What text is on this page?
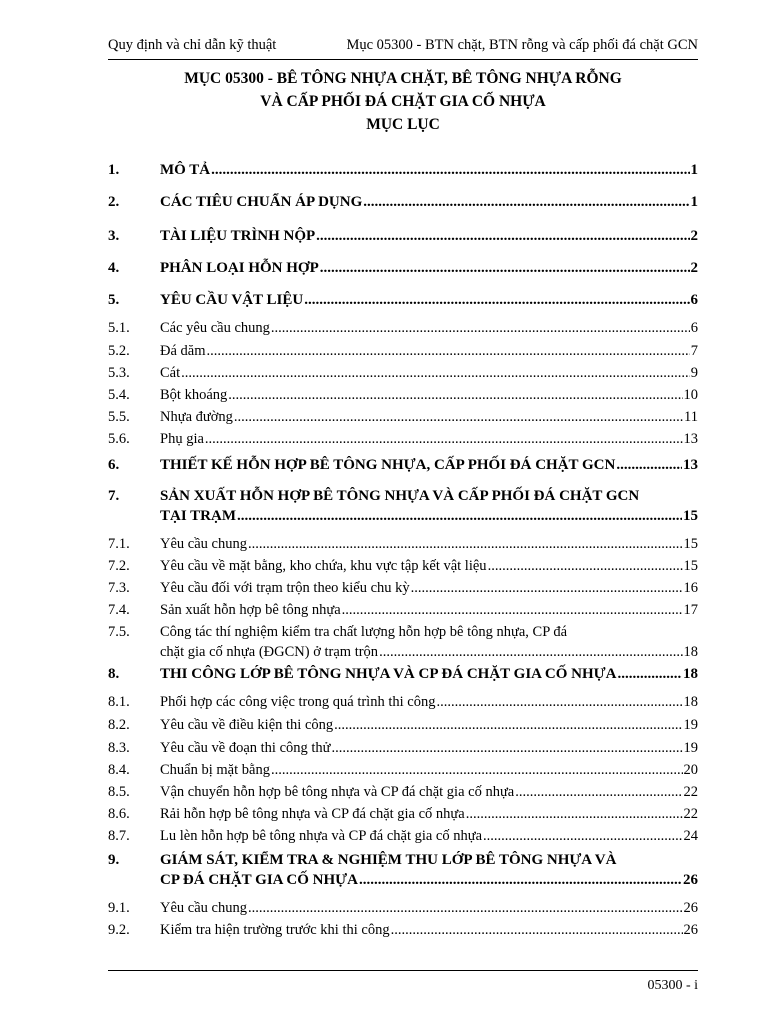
Quy định và chỉ dẫn kỹ thuật	Mục 05300 - BTN chặt, BTN rỗng và cấp phối đá chặt GCN
MỤC 05300 - BÊ TÔNG NHỰA CHẶT, BÊ TÔNG NHỰA RỖNG
VÀ CẤP PHỐI ĐÁ CHẶT GIA CỐ NHỰA
MỤC LỤC
1.	MÔ TẢ .....	1
2.	CÁC TIÊU CHUẨN ÁP DỤNG .....	1
3.	TÀI LIỆU TRÌNH NỘP .....	2
4.	PHÂN LOẠI HỖN HỢP .....	2
5.	YÊU CẦU VẬT LIỆU .....	6
5.1. Các yêu cầu chung .....	6
5.2. Đá dăm .....	7
5.3. Cát .....	9
5.4. Bột khoáng .....	10
5.5. Nhựa đường .....	11
5.6. Phụ gia .....	13
6.	THIẾT KẾ HỖN HỢP BÊ TÔNG NHỰA, CẤP PHỐI ĐÁ CHẶT GCN .....	13
7.	SẢN XUẤT HỖN HỢP BÊ TÔNG NHỰA VÀ CẤP PHỐI ĐÁ CHẶT GCN
TẠI TRẠM .....	15
7.1. Yêu cầu chung .....	15
7.2. Yêu cầu về mặt bằng, kho chứa, khu vực tập kết vật liệu .....	15
7.3. Yêu cầu đối với trạm trộn theo kiểu chu kỳ .....	16
7.4. Sản xuất hỗn hợp bê tông nhựa .....	17
7.5. Công tác thí nghiệm kiểm tra chất lượng hỗn hợp bê tông nhựa, CP đá
chặt gia cố nhựa (ĐGCN) ở trạm trộn .....	18
8.	THI CÔNG LỚP BÊ TÔNG NHỰA VÀ CP ĐÁ CHẶT GIA CỐ NHỰA .....	18
8.1. Phối hợp các công việc trong quá trình thi công .....	18
8.2. Yêu cầu về điều kiện thi công .....	19
8.3. Yêu cầu về đoạn thi công thử .....	19
8.4. Chuẩn bị mặt bằng .....	20
8.5. Vận chuyển hỗn hợp bê tông nhựa và CP đá chặt gia cố nhựa .....	22
8.6. Rải hỗn hợp bê tông nhựa và CP đá chặt gia cố nhựa .....	22
8.7. Lu lèn hỗn hợp bê tông nhựa và CP đá chặt gia cố nhựa .....	24
9.	GIÁM SÁT, KIỂM TRA & NGHIỆM THU LỚP BÊ TÔNG NHỰA VÀ
CP ĐÁ CHẶT GIA CỐ NHỰA .....	26
9.1. Yêu cầu chung .....	26
9.2. Kiểm tra hiện trường trước khi thi công .....	26
05300 - i
